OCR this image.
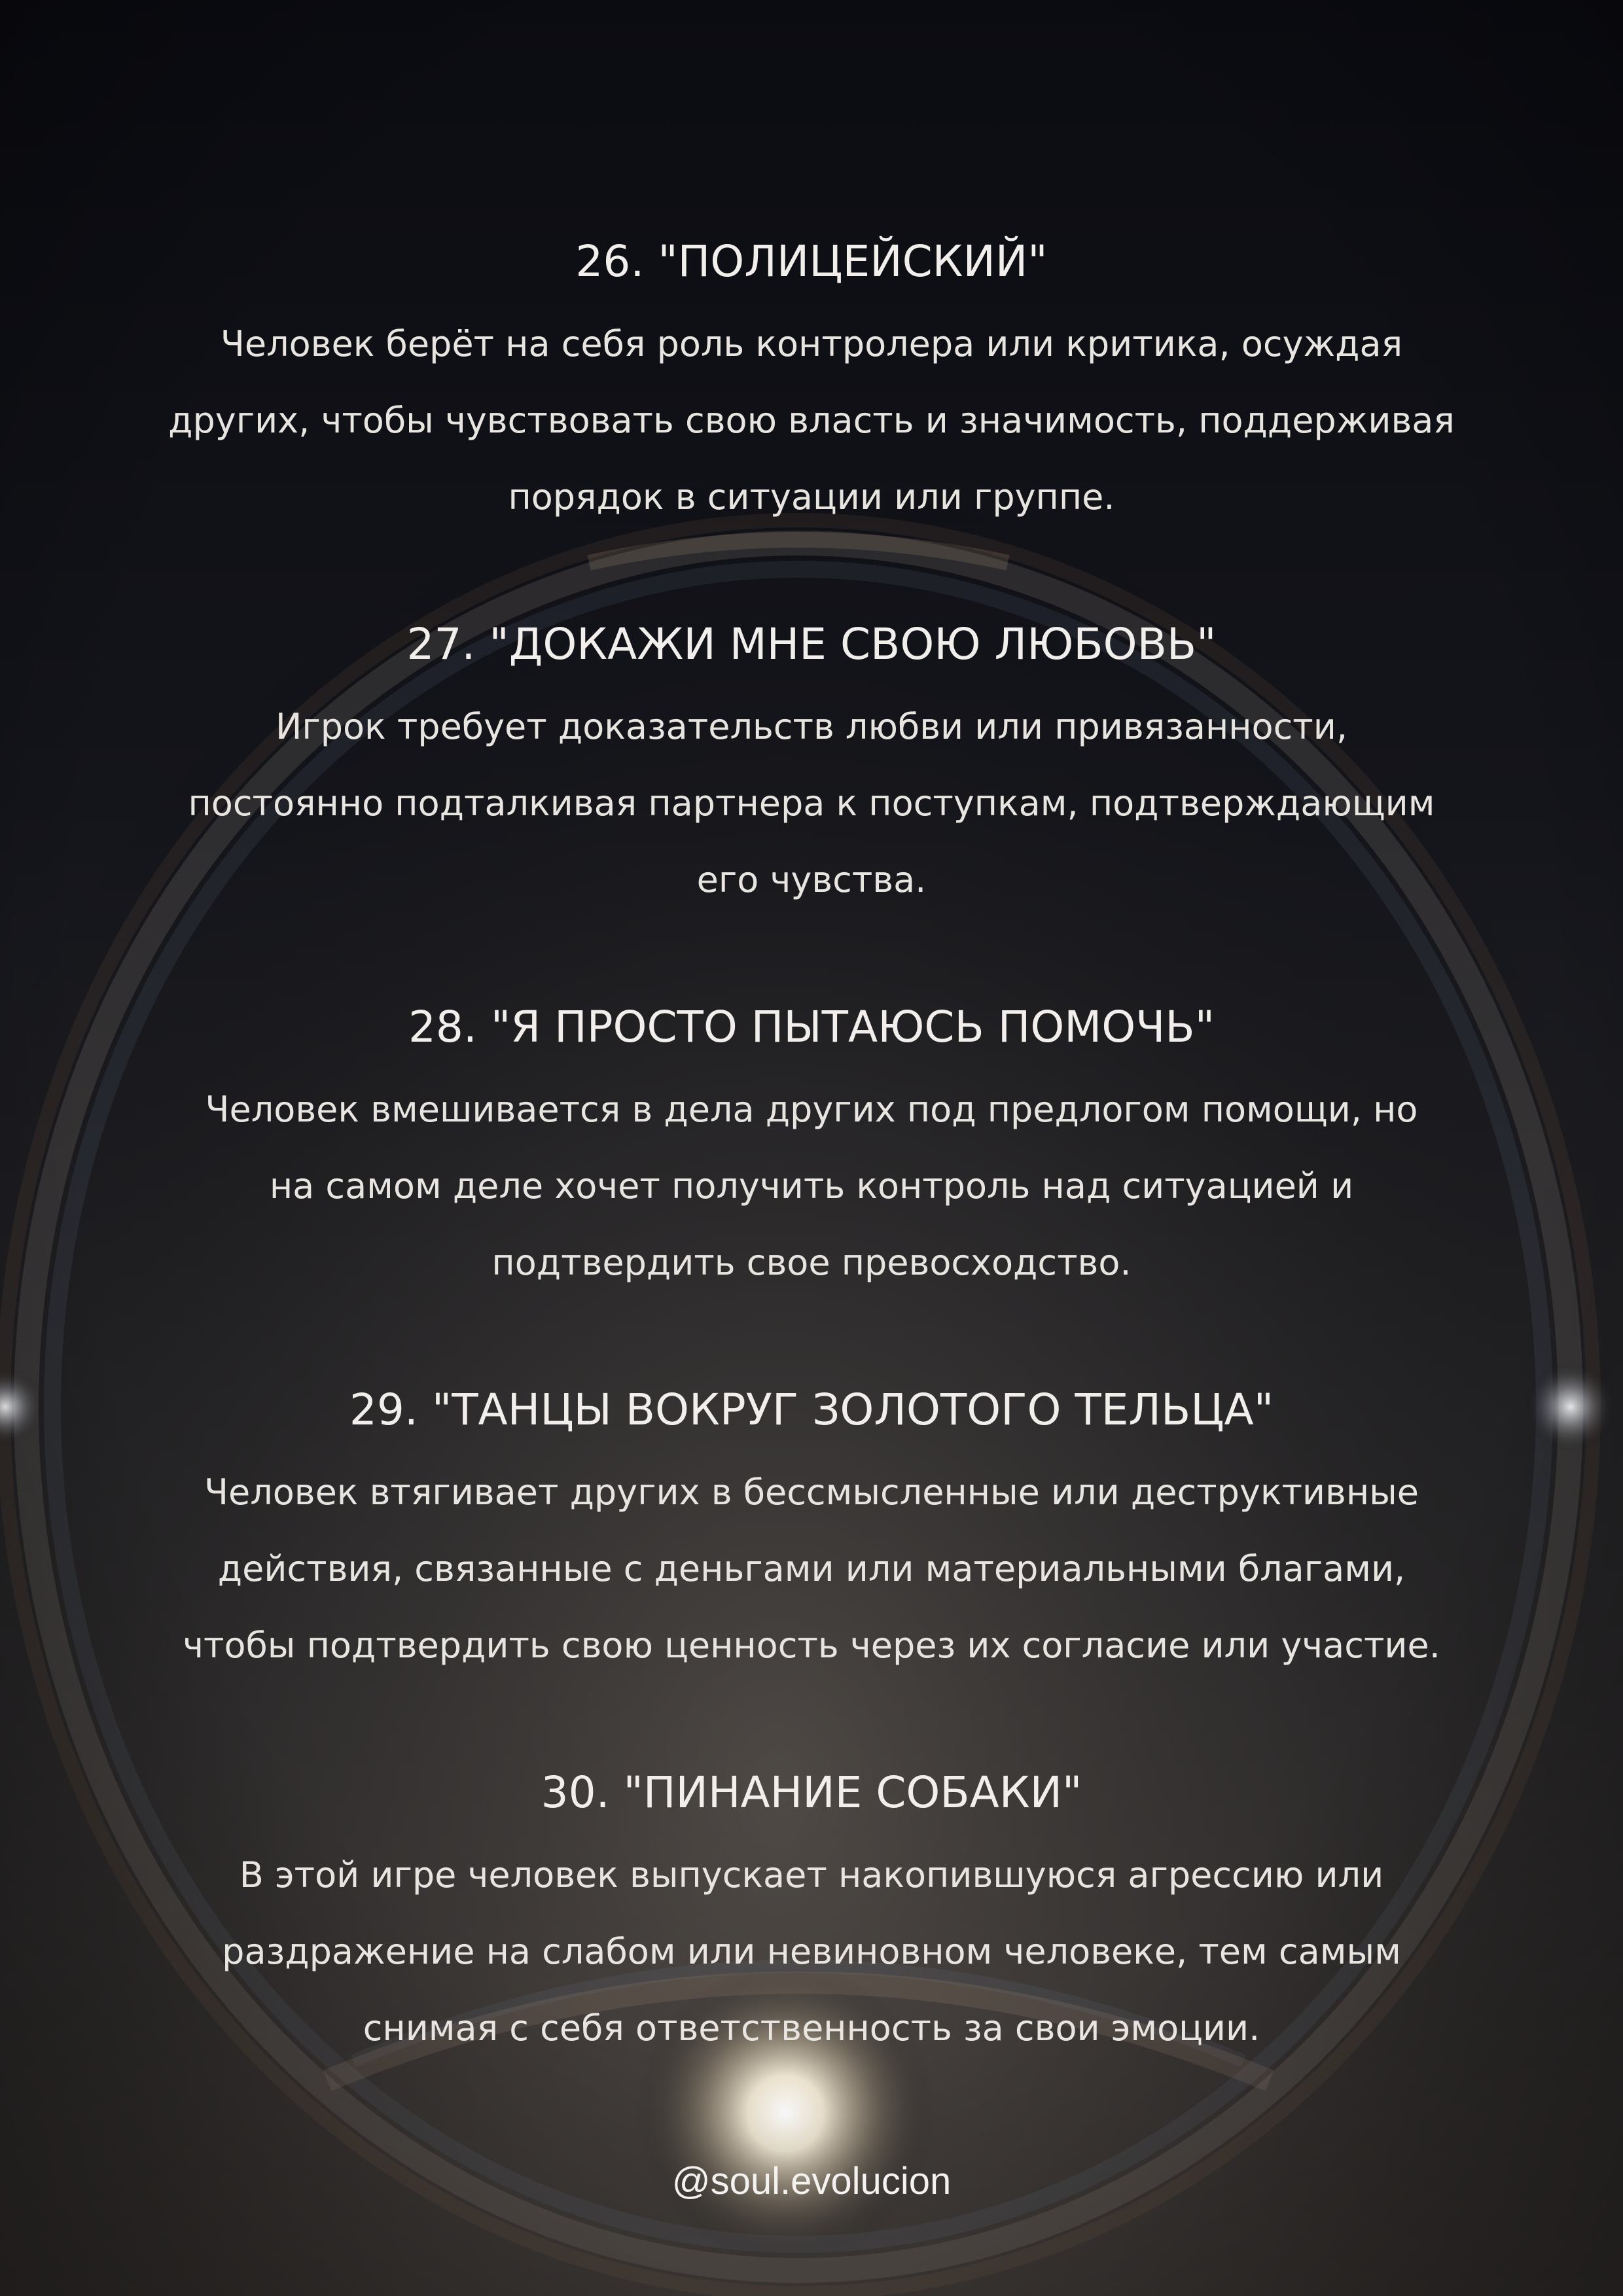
26. "ПОЛИЦЕЙСКИЙ"

Человек берёт на себя роль контролера или критика, осуждая
других, чтобы чувствовать свою власть и значимость, поддерживая
порядок в ситуации или группе.

27. "ДОКАЖИ МНЕ СВОЮ ЛЮБОВЬ"

Игрок требует доказательств любви или привязанности,
постоянно подталкивая партнера к поступкам, подтверждающим
его чувства.

28. "Я ПРОСТО ПЫТАЮСЬ ПОМОЧЬ"

Человек вмешивается в дела других под предлогом помощи, но
на самом деле хочет получить контроль над ситуацией и
подтвердить свое превосходство.

29. "ТАНЦЫ ВОКРУГ ЗОЛОТОГО ТЕЛЬЦА"

Человек втягивает других в бессмысленные или деструктивные
действия, связанные с деньгами или материальными благами,
чтобы подтвердить свою ценность через их согласие или участие.

30. "ПИНАНИЕ СОБАКИ"

В этой игре человек выпускает накопившуюся агрессию или
раздражение на слабом или невиновном человеке, тем самым
снимая с себя ответственность за свои эмоции.

@soul.evolucion
